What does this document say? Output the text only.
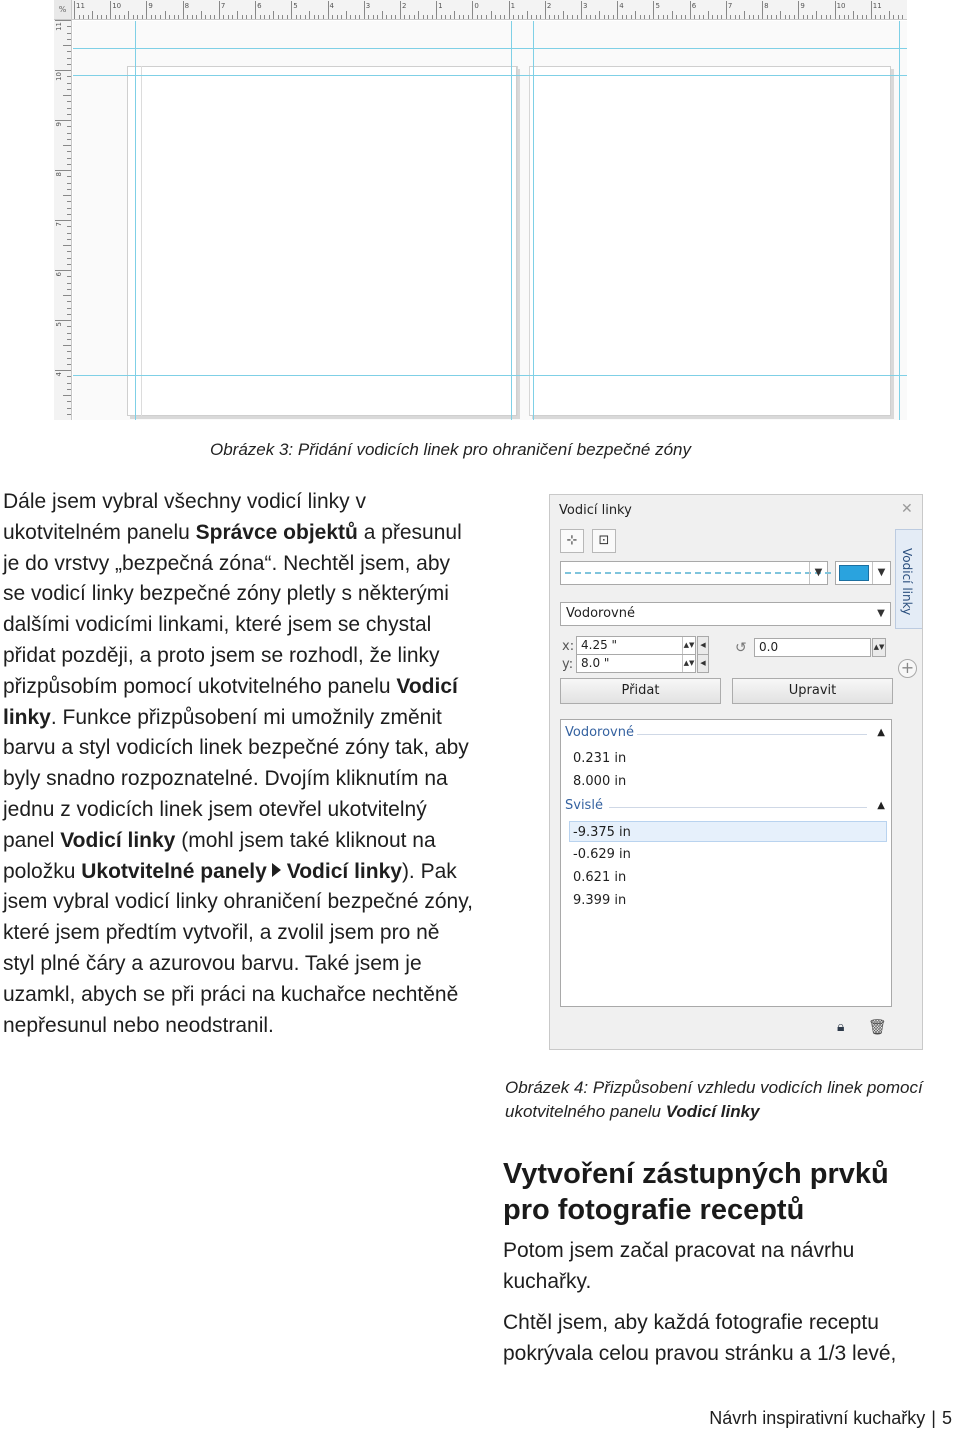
11	10	9	8	7	6	5	4	3	2	1	0	1	2	3	4	5	6	7	8	9	10	11
11
10
9
8
7
6
5
4
%
Obrázek 3: Přidání vodicích linek pro ohraničení bezpečné zóny
Dále jsem vybral všechny vodicí linky v ukotvitelném panelu Správce objektů a přesunul je do vrstvy „bezpečná zóna“. Nechtěl jsem, aby se vodicí linky bezpečné zóny pletly s některými dalšími vodicími linkami, které jsem se chystal přidat později, a proto jsem se rozhodl, že linky přizpůsobím pomocí ukotvitelného panelu Vodicí linky. Funkce přizpůsobení mi umožnily změnit barvu a styl vodicích linek bezpečné zóny tak, aby byly snadno rozpoznatelné. Dvojím kliknutím na jednu z vodicích linek jsem otevřel ukotvitelný panel Vodicí linky (mohl jsem také kliknout na položku Ukotvitelné panely Vodicí linky). Pak jsem vybral vodicí linky ohraničení bezpečné zóny, které jsem předtím vytvořil, a zvolil jsem pro ně styl plné čáry a azurovou barvu. Také jsem je uzamkl, abych se při práci na kuchařce nechtěně nepřesunul nebo neodstranil.
Vodicí linky	✕
Vodicí linky
+
⊹	⊡
▼	▼
Vodorovné	▼
x: 4.25 "	▲▼ ◀
y: 8.0 "	▲▼ ◀
↺	0.0	▲▼
Přidat	Upravit
Vodorovné	▲
0.231 in
8.000 in
Svislé	▲
-9.375 in
-0.629 in
0.621 in
9.399 in
🔒︎ 🗑︎
Obrázek 4: Přizpůsobení vzhledu vodicích linek pomocí ukotvitelného panelu Vodicí linky
Vytvoření zástupných prvků pro fotografie receptů
Potom jsem začal pracovat na návrhu kuchařky.
Chtěl jsem, aby každá fotografie receptu pokrývala celou pravou stránku a 1/3 levé,
Návrh inspirativní kuchařky | 5
